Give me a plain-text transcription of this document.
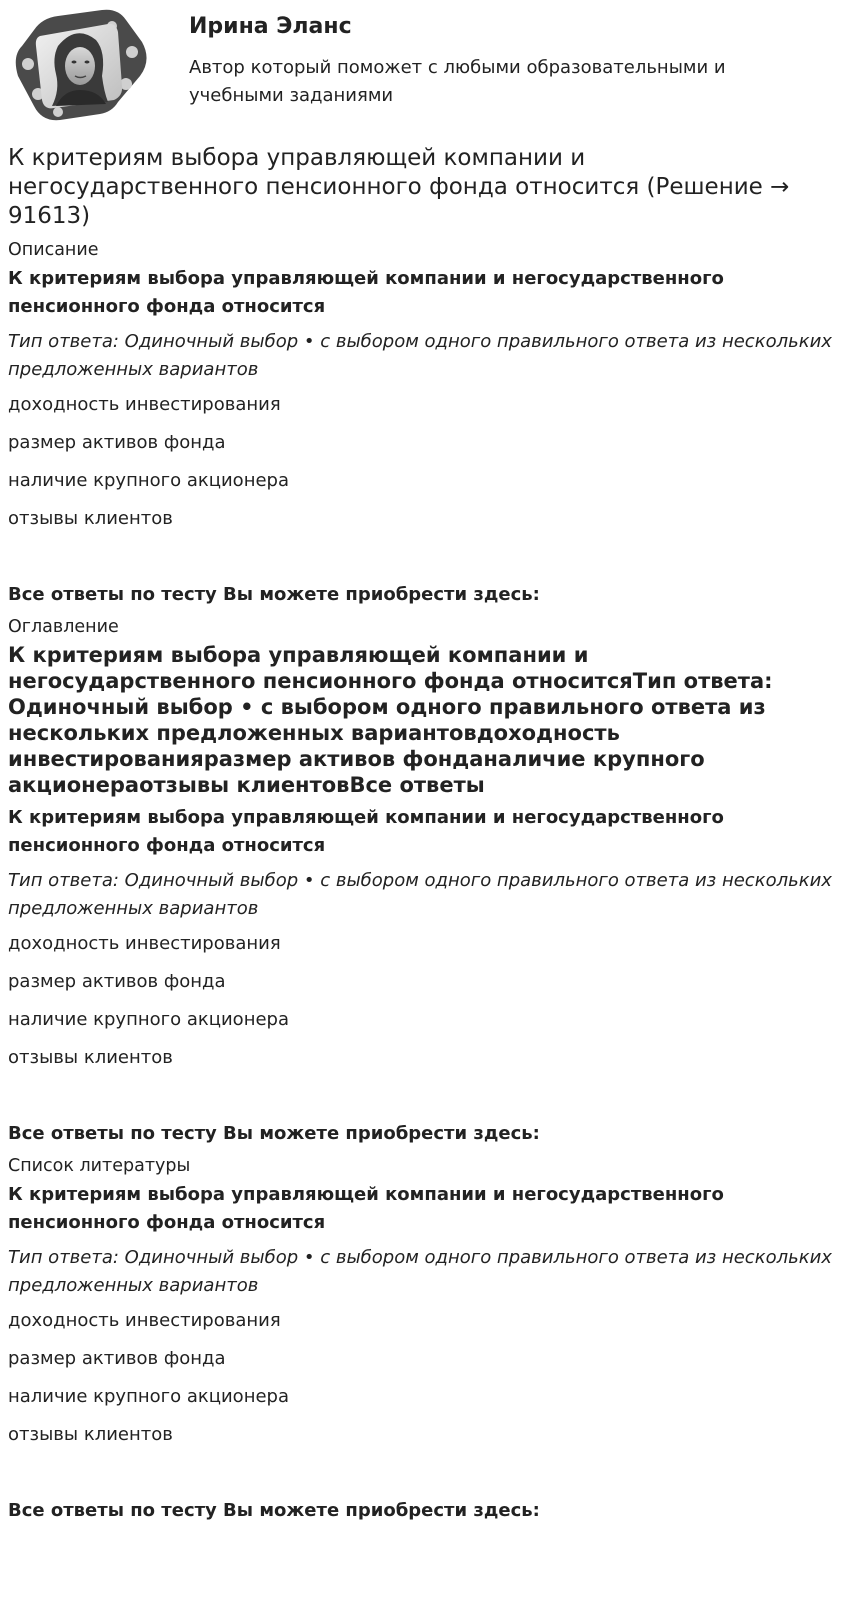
Ирина Эланс

Автор который поможет с любыми образовательными и учебными заданиями

К критериям выбора управляющей компании и негосударственного пенсионного фонда относится (Решение → 91613)
Описание
К критериям выбора управляющей компании и негосударственного пенсионного фонда относится
Тип ответа: Одиночный выбор • с выбором одного правильного ответа из нескольких предложенных вариантов
доходность инвестирования
размер активов фонда
наличие крупного акционера
отзывы клиентов
Все ответы по тесту Вы можете приобрести здесь:
Оглавление
К критериям выбора управляющей компании и негосударственного пенсионного фонда относитсяТип ответа: Одиночный выбор • с выбором одного правильного ответа из нескольких предложенных вариантовдоходность инвестированияразмер активов фонданаличие крупного акционераотзывы клиентовВсе ответы
К критериям выбора управляющей компании и негосударственного пенсионного фонда относится
Тип ответа: Одиночный выбор • с выбором одного правильного ответа из нескольких предложенных вариантов
доходность инвестирования
размер активов фонда
наличие крупного акционера
отзывы клиентов
Все ответы по тесту Вы можете приобрести здесь:
Список литературы
К критериям выбора управляющей компании и негосударственного пенсионного фонда относится
Тип ответа: Одиночный выбор • с выбором одного правильного ответа из нескольких предложенных вариантов
доходность инвестирования
размер активов фонда
наличие крупного акционера
отзывы клиентов
Все ответы по тесту Вы можете приобрести здесь:
